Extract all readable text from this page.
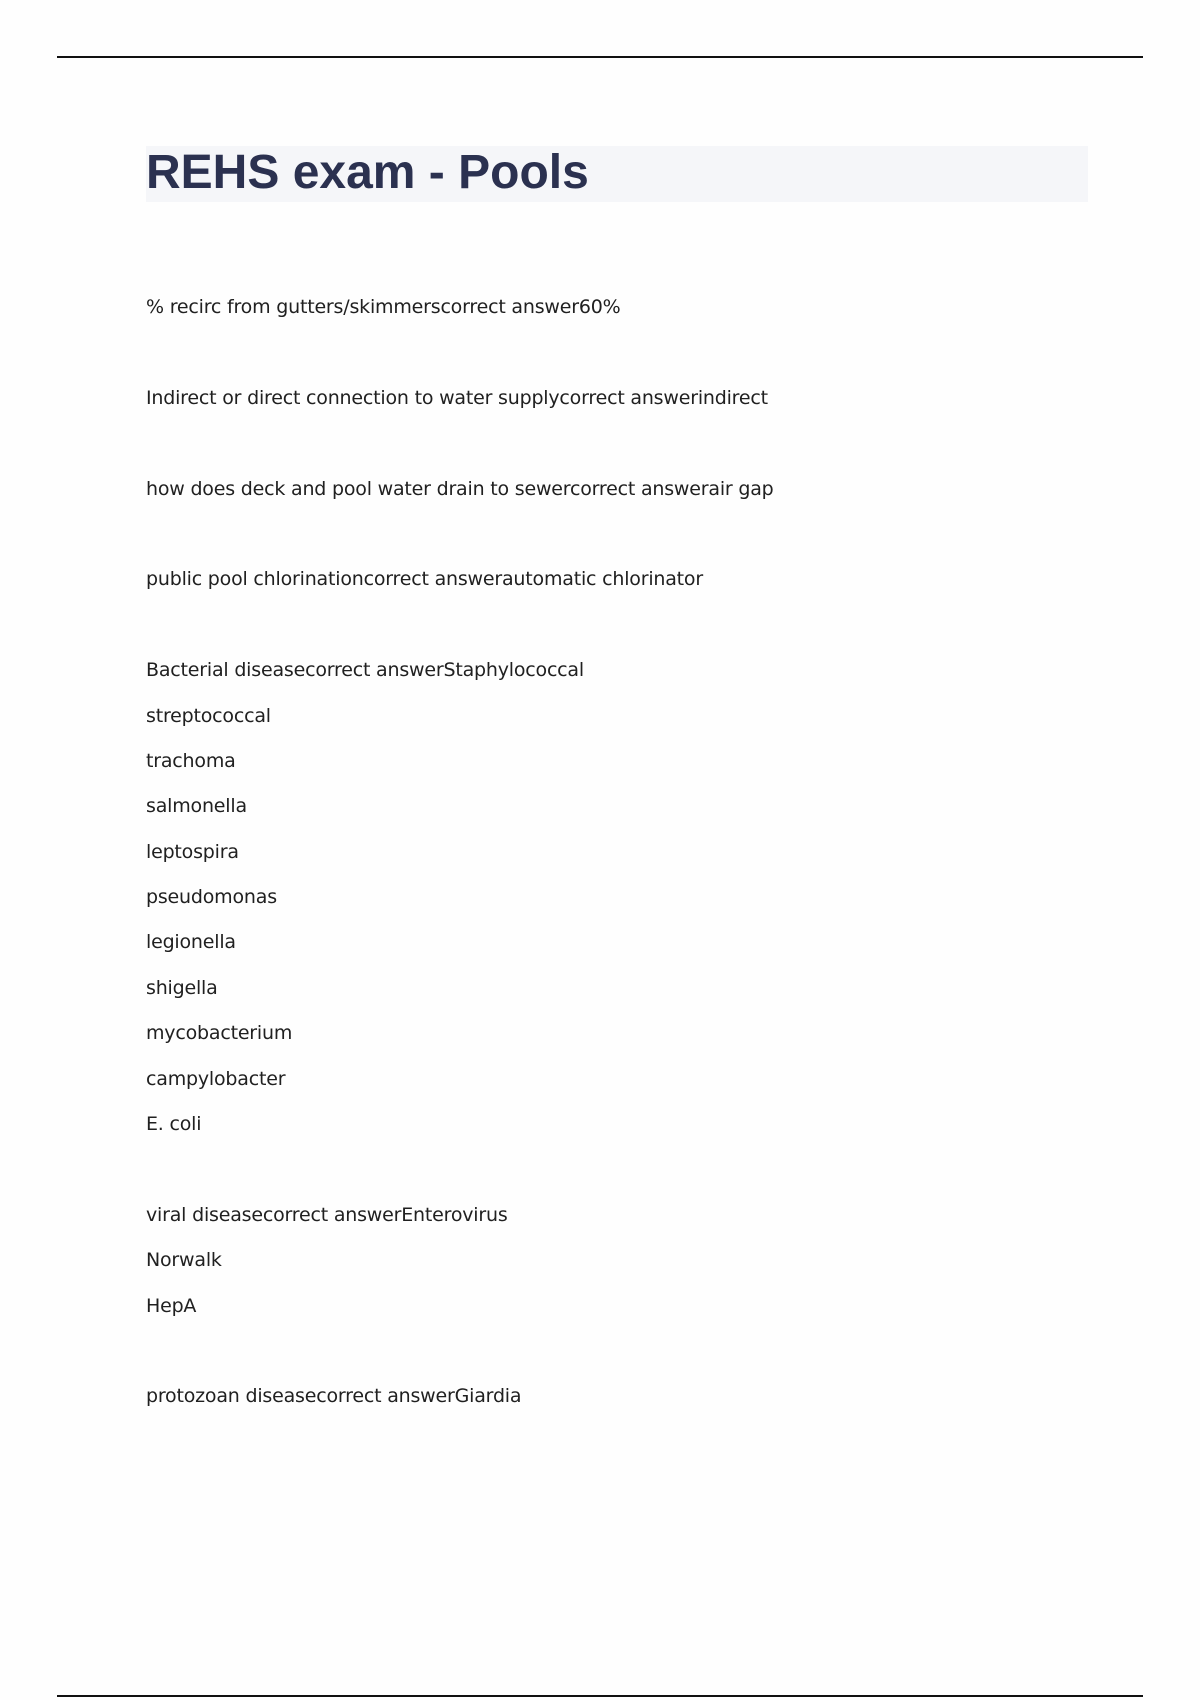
REHS exam - Pools
% recirc from gutters/skimmerscorrect answer60%
Indirect or direct connection to water supplycorrect answerindirect
how does deck and pool water drain to sewercorrect answerair gap
public pool chlorinationcorrect answerautomatic chlorinator
Bacterial diseasecorrect answerStaphylococcal
streptococcal
trachoma
salmonella
leptospira
pseudomonas
legionella
shigella
mycobacterium
campylobacter
E. coli
viral diseasecorrect answerEnterovirus
Norwalk
HepA
protozoan diseasecorrect answerGiardia
